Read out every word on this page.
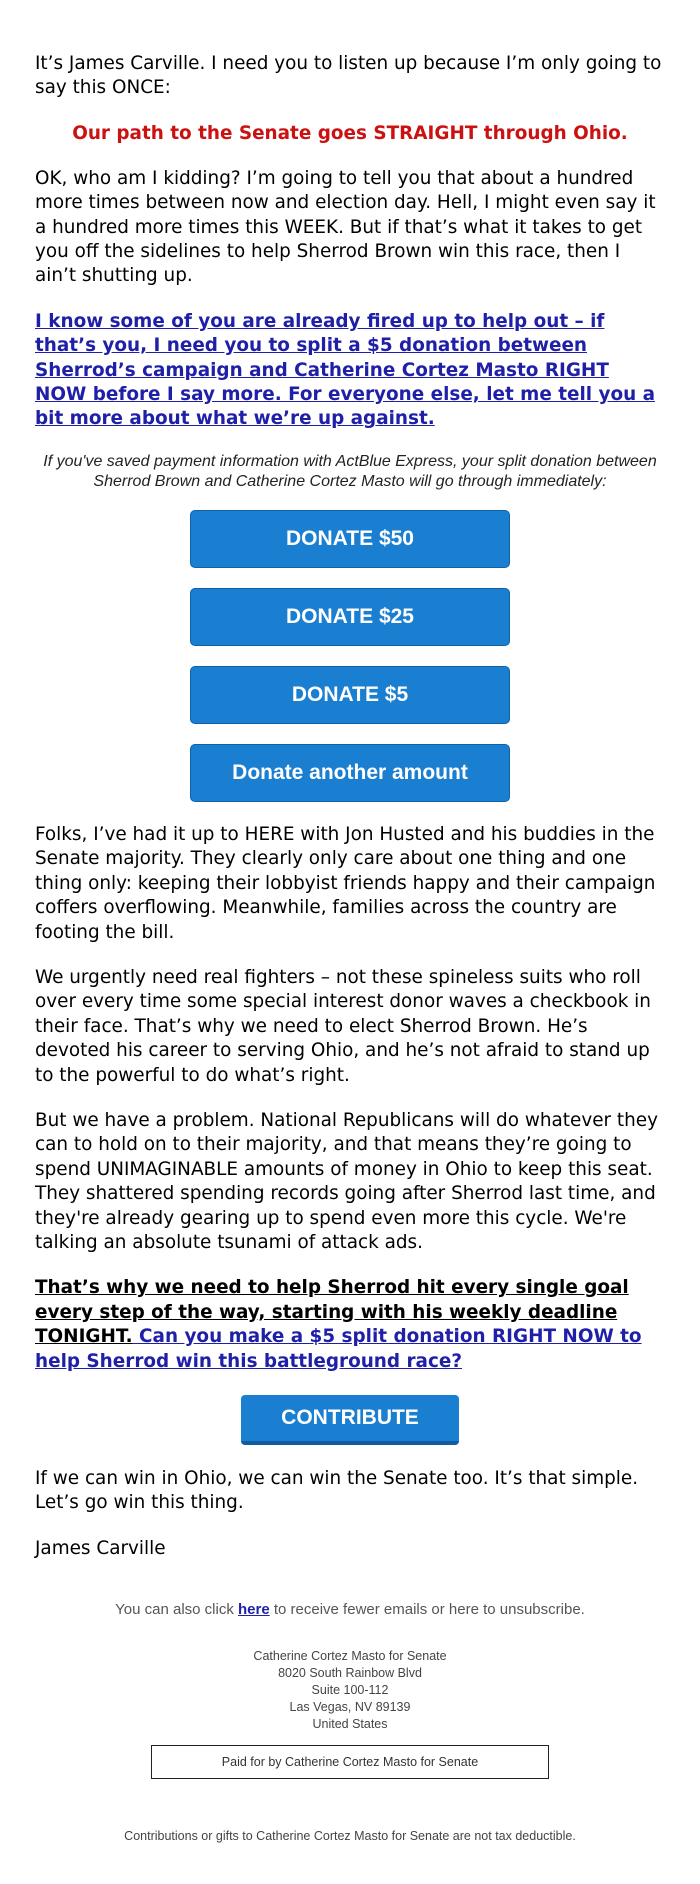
It’s James Carville. I need you to listen up because I’m only going to say this ONCE:

Our path to the Senate goes STRAIGHT through Ohio.

OK, who am I kidding? I’m going to tell you that about a hundred more times between now and election day. Hell, I might even say it a hundred more times this WEEK. But if that’s what it takes to get you off the sidelines to help Sherrod Brown win this race, then I ain’t shutting up.

I know some of you are already fired up to help out – if that’s you, I need you to split a $5 donation between Sherrod’s campaign and Catherine Cortez Masto RIGHT NOW before I say more. For everyone else, let me tell you a bit more about what we’re up against.

If you've saved payment information with ActBlue Express, your split donation between Sherrod Brown and Catherine Cortez Masto will go through immediately:

DONATE $50
DONATE $25
DONATE $5
Donate another amount

Folks, I’ve had it up to HERE with Jon Husted and his buddies in the Senate majority. They clearly only care about one thing and one thing only: keeping their lobbyist friends happy and their campaign coffers overflowing. Meanwhile, families across the country are footing the bill.

We urgently need real fighters – not these spineless suits who roll over every time some special interest donor waves a checkbook in their face. That’s why we need to elect Sherrod Brown. He’s devoted his career to serving Ohio, and he’s not afraid to stand up to the powerful to do what’s right.

But we have a problem. National Republicans will do whatever they can to hold on to their majority, and that means they’re going to spend UNIMAGINABLE amounts of money in Ohio to keep this seat. They shattered spending records going after Sherrod last time, and they're already gearing up to spend even more this cycle. We're talking an absolute tsunami of attack ads.

That’s why we need to help Sherrod hit every single goal every step of the way, starting with his weekly deadline TONIGHT. Can you make a $5 split donation RIGHT NOW to help Sherrod win this battleground race?

CONTRIBUTE

If we can win in Ohio, we can win the Senate too. It’s that simple. Let’s go win this thing.

James Carville

You can also click here to receive fewer emails or here to unsubscribe.
Catherine Cortez Masto for Senate
8020 South Rainbow Blvd
Suite 100-112
Las Vegas, NV 89139
United States
Paid for by Catherine Cortez Masto for Senate
Contributions or gifts to Catherine Cortez Masto for Senate are not tax deductible.
